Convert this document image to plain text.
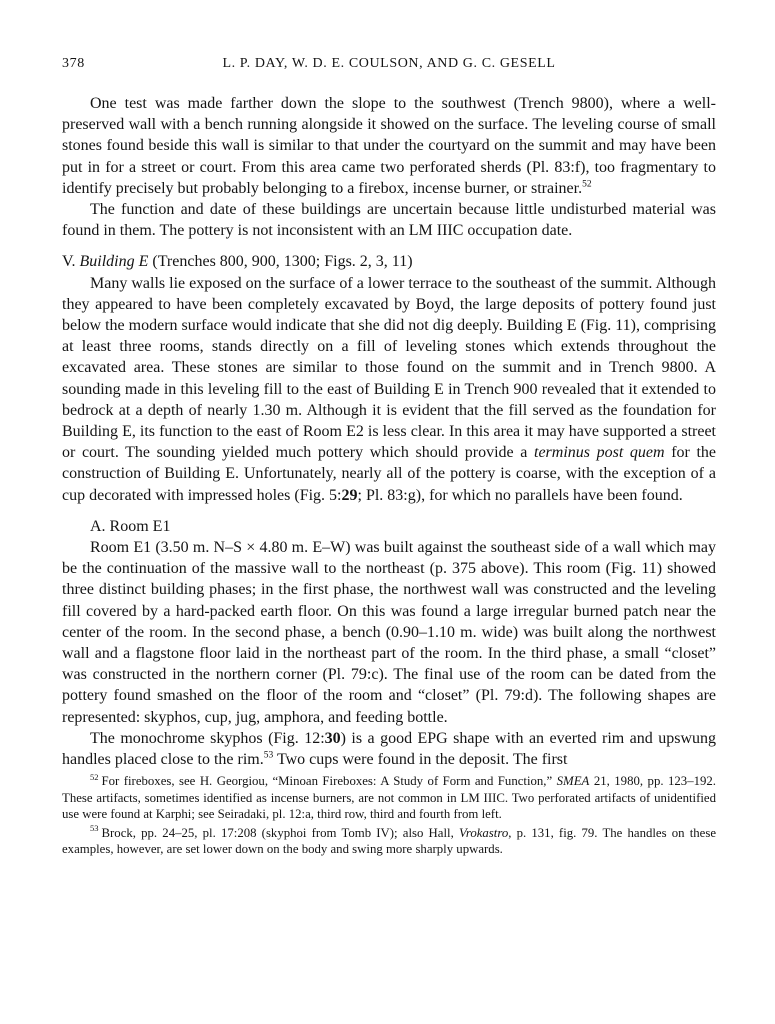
378	L. P. DAY, W. D. E. COULSON, AND G. C. GESELL

One test was made farther down the slope to the southwest (Trench 9800), where a well-preserved wall with a bench running alongside it showed on the surface. The leveling course of small stones found beside this wall is similar to that under the courtyard on the summit and may have been put in for a street or court. From this area came two perforated sherds (Pl. 83:f), too fragmentary to identify precisely but probably belonging to a firebox, incense burner, or strainer.$^{52}$

The function and date of these buildings are uncertain because little undisturbed material was found in them. The pottery is not inconsistent with an LM IIIC occupation date.

V. Building E (Trenches 800, 900, 1300; Figs. 2, 3, 11)

Many walls lie exposed on the surface of a lower terrace to the southeast of the summit. Although they appeared to have been completely excavated by Boyd, the large deposits of pottery found just below the modern surface would indicate that she did not dig deeply. Building E (Fig. 11), comprising at least three rooms, stands directly on a fill of leveling stones which extends throughout the excavated area. These stones are similar to those found on the summit and in Trench 9800. A sounding made in this leveling fill to the east of Building E in Trench 900 revealed that it extended to bedrock at a depth of nearly 1.30 m. Although it is evident that the fill served as the foundation for Building E, its function to the east of Room E2 is less clear. In this area it may have supported a street or court. The sounding yielded much pottery which should provide a terminus post quem for the construction of Building E. Unfortunately, nearly all of the pottery is coarse, with the exception of a cup decorated with impressed holes (Fig. 5:29; Pl. 83:g), for which no parallels have been found.

A. Room E1

Room E1 (3.50 m. N–S × 4.80 m. E–W) was built against the southeast side of a wall which may be the continuation of the massive wall to the northeast (p. 375 above). This room (Fig. 11) showed three distinct building phases; in the first phase, the northwest wall was constructed and the leveling fill covered by a hard-packed earth floor. On this was found a large irregular burned patch near the center of the room. In the second phase, a bench (0.90–1.10 m. wide) was built along the northwest wall and a flagstone floor laid in the northeast part of the room. In the third phase, a small “closet” was constructed in the northern corner (Pl. 79:c). The final use of the room can be dated from the pottery found smashed on the floor of the room and “closet” (Pl. 79:d). The following shapes are represented: skyphos, cup, jug, amphora, and feeding bottle.

The monochrome skyphos (Fig. 12:30) is a good EPG shape with an everted rim and upswung handles placed close to the rim.$^{53}$ Two cups were found in the deposit. The first

$^{52}$ For fireboxes, see H. Georgiou, “Minoan Fireboxes: A Study of Form and Function,” SMEA 21, 1980, pp. 123–192. These artifacts, sometimes identified as incense burners, are not common in LM IIIC. Two perforated artifacts of unidentified use were found at Karphi; see Seiradaki, pl. 12:a, third row, third and fourth from left.

$^{53}$ Brock, pp. 24–25, pl. 17:208 (skyphoi from Tomb IV); also Hall, Vrokastro, p. 131, fig. 79. The handles on these examples, however, are set lower down on the body and swing more sharply upwards.
